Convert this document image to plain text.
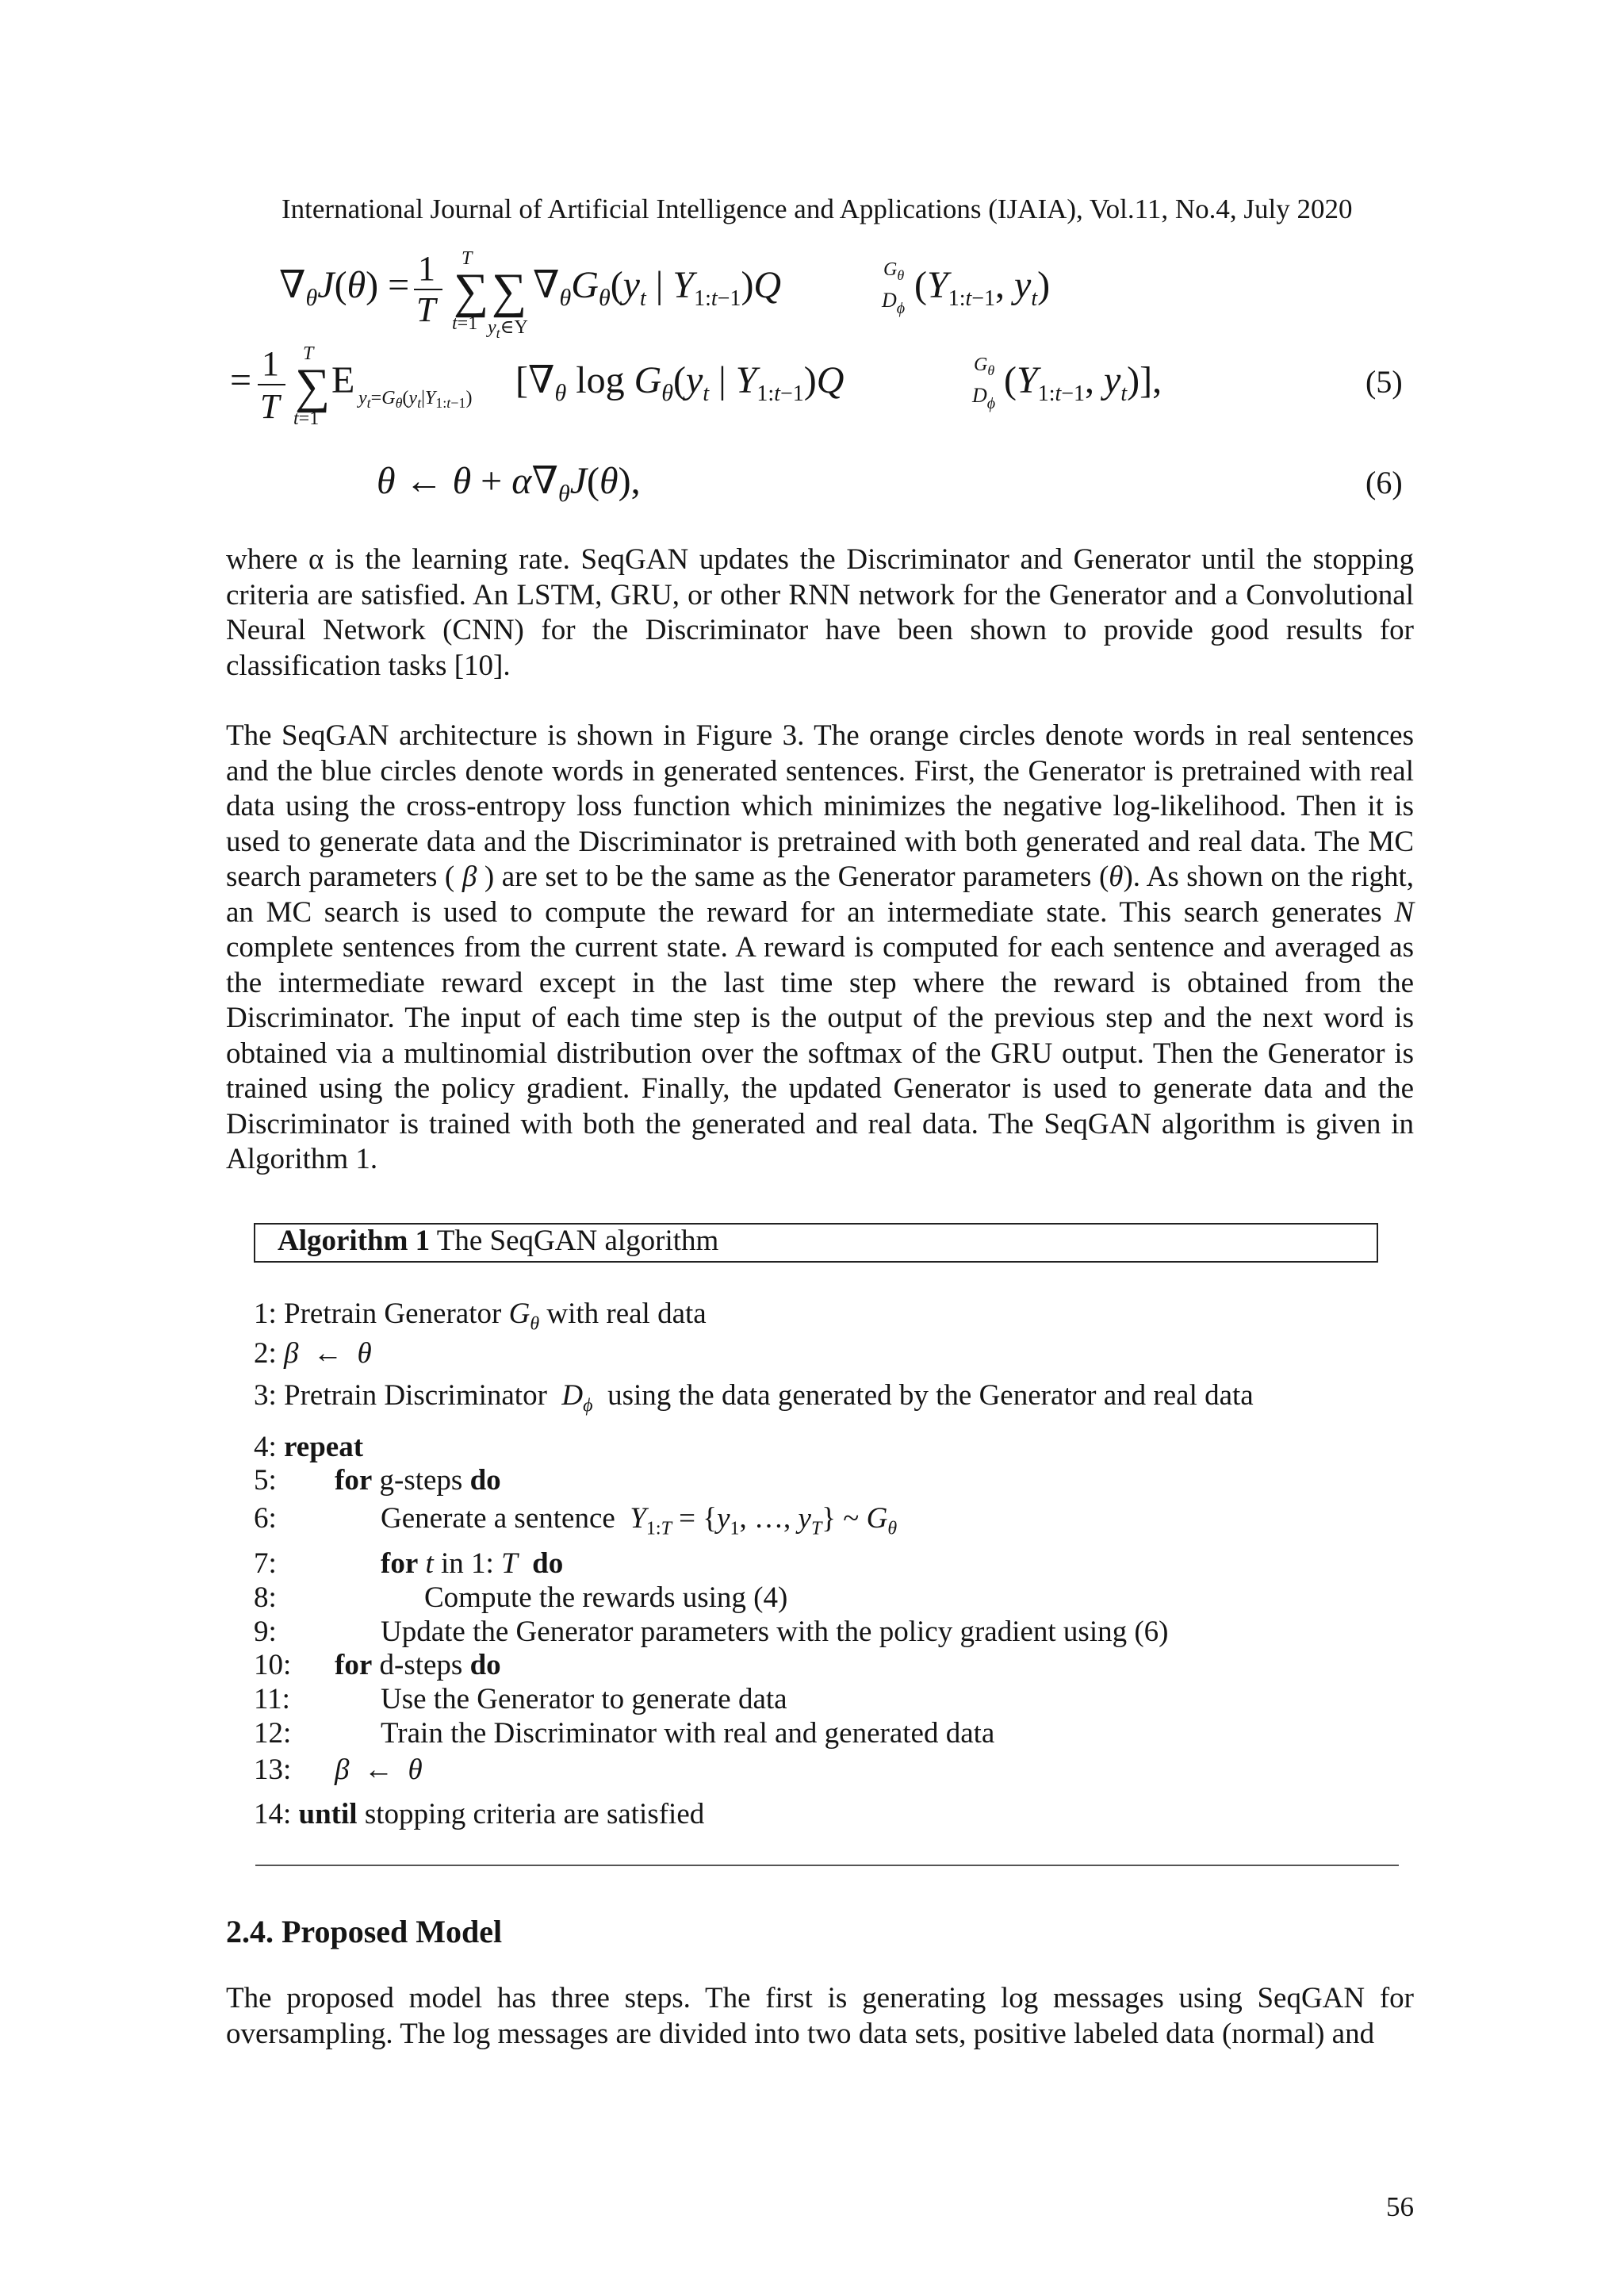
International Journal of Artificial Intelligence and Applications (IJAIA), Vol.11, No.4, July 2020
$\nabla_\theta J(\theta) = 1$
T ∑
T
t=1
∑
$y_t\in Y$
$\nabla_\theta G_\theta(y_t$ | $Y_{1:t-1})Q$	$G_\theta$
$D_\phi$
($Y_{1:t-1}$, $y_t$)
= 1
T ∑
T
t=1
E $y_t=G_\theta(y_t|Y_{1:t-1})$ [$\nabla_\theta$ $\log G_\theta(y_t$ | $Y_{1:t-1})Q$	$G_\theta$
$D_\phi$
($Y_{1:t-1}$, $y_t$)],	(5)
θ ← $\theta + \alpha\nabla_\theta J(\theta)$,	(6)

where α is the learning rate. SeqGAN updates the Discriminator and Generator until the stopping criteria are satisfied. An LSTM, GRU, or other RNN network for the Generator and a Convolutional Neural Network (CNN) for the Discriminator have been shown to provide good results for classification tasks [10].

The SeqGAN architecture is shown in Figure 3. The orange circles denote words in real sentences and the blue circles denote words in generated sentences. First, the Generator is pretrained with real data using the cross-entropy loss function which minimizes the negative log-likelihood. Then it is used to generate data and the Discriminator is pretrained with both generated and real data. The MC search parameters ( β ) are set to be the same as the Generator parameters (θ). As shown on the right, an MC search is used to compute the reward for an intermediate state. This search generates N complete sentences from the current state. A reward is computed for each sentence and averaged as the intermediate reward except in the last time step where the reward is obtained from the Discriminator. The input of each time step is the output of the previous step and the next word is obtained via a multinomial distribution over the softmax of the GRU output. Then the Generator is trained using the policy gradient. Finally, the updated Generator is used to generate data and the Discriminator is trained with both the generated and real data. The SeqGAN algorithm is given in Algorithm 1.

Algorithm 1 The SeqGAN algorithm
1: Pretrain Generator $G_\theta$ with real data
2: β  ←  θ
3: Pretrain Discriminator $D_\phi$ using the data generated by the Generator and real data
4: repeat
5: for g-steps do
6:	Generate a sentence $Y_{1:T} = \{y_1$, …, $y_T$} ~ $G_\theta$
7:	for t in 1: T do
8:	Compute the rewards using (4)
9:	Update the Generator parameters with the policy gradient using (6)
10: for d-steps do
11:	Use the Generator to generate data
12:	Train the Discriminator with real and generated data
13: β  ←  θ
14: until stopping criteria are satisfied
2.4. Proposed Model

The proposed model has three steps. The first is generating log messages using SeqGAN for oversampling. The log messages are divided into two data sets, positive labeled data (normal) and

56
